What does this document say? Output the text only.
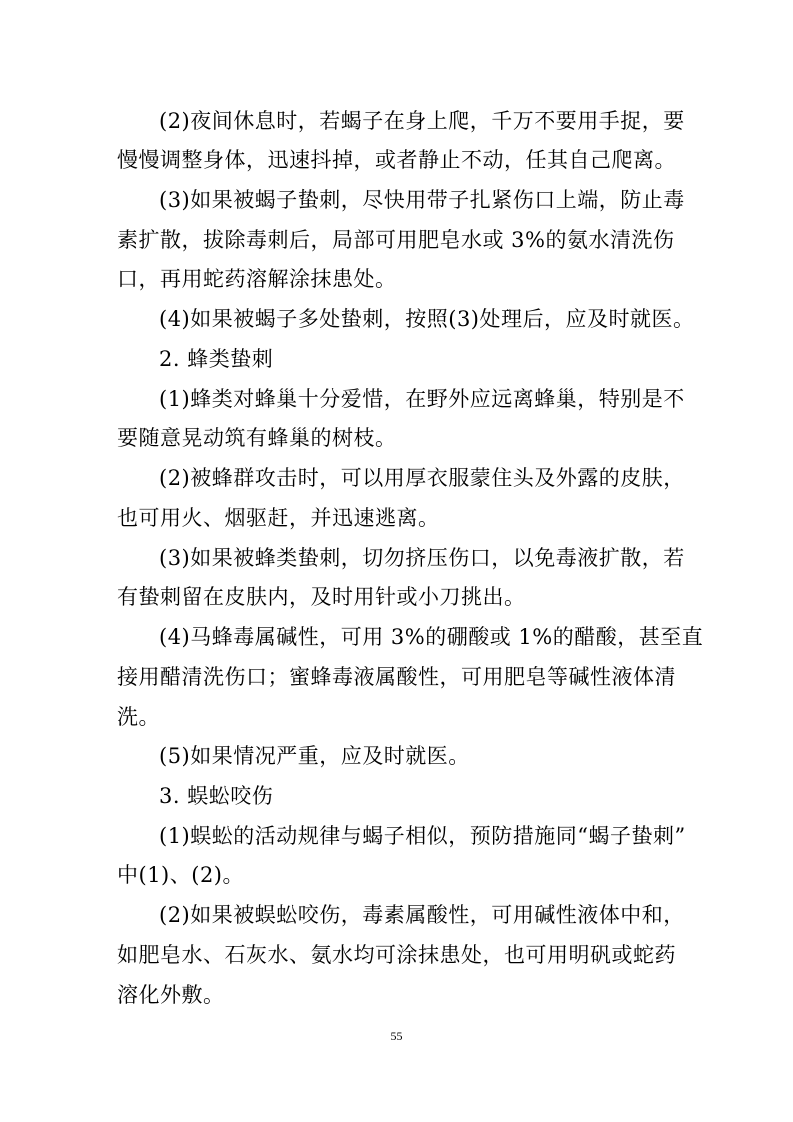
(2)夜间休息时，若蝎子在身上爬，千万不要用手捉，要
慢慢调整身体，迅速抖掉，或者静止不动，任其自己爬离。
(3)如果被蝎子蛰刺，尽快用带子扎紧伤口上端，防止毒
素扩散，拔除毒刺后，局部可用肥皂水或 3%的氨水清洗伤
口，再用蛇药溶解涂抹患处。
(4)如果被蝎子多处蛰刺，按照(3)处理后，应及时就医。
2. 蜂类蛰刺
(1)蜂类对蜂巢十分爱惜，在野外应远离蜂巢，特别是不
要随意晃动筑有蜂巢的树枝。
(2)被蜂群攻击时，可以用厚衣服蒙住头及外露的皮肤，
也可用火、烟驱赶，并迅速逃离。
(3)如果被蜂类蛰刺，切勿挤压伤口，以免毒液扩散，若
有蛰刺留在皮肤内，及时用针或小刀挑出。
(4)马蜂毒属碱性，可用 3%的硼酸或 1%的醋酸，甚至直
接用醋清洗伤口；蜜蜂毒液属酸性，可用肥皂等碱性液体清
洗。
(5)如果情况严重，应及时就医。
3. 蜈蚣咬伤
(1)蜈蚣的活动规律与蝎子相似，预防措施同“蝎子蛰刺”
中(1)、(2)。
(2)如果被蜈蚣咬伤，毒素属酸性，可用碱性液体中和，
如肥皂水、石灰水、氨水均可涂抹患处，也可用明矾或蛇药
溶化外敷。
55
